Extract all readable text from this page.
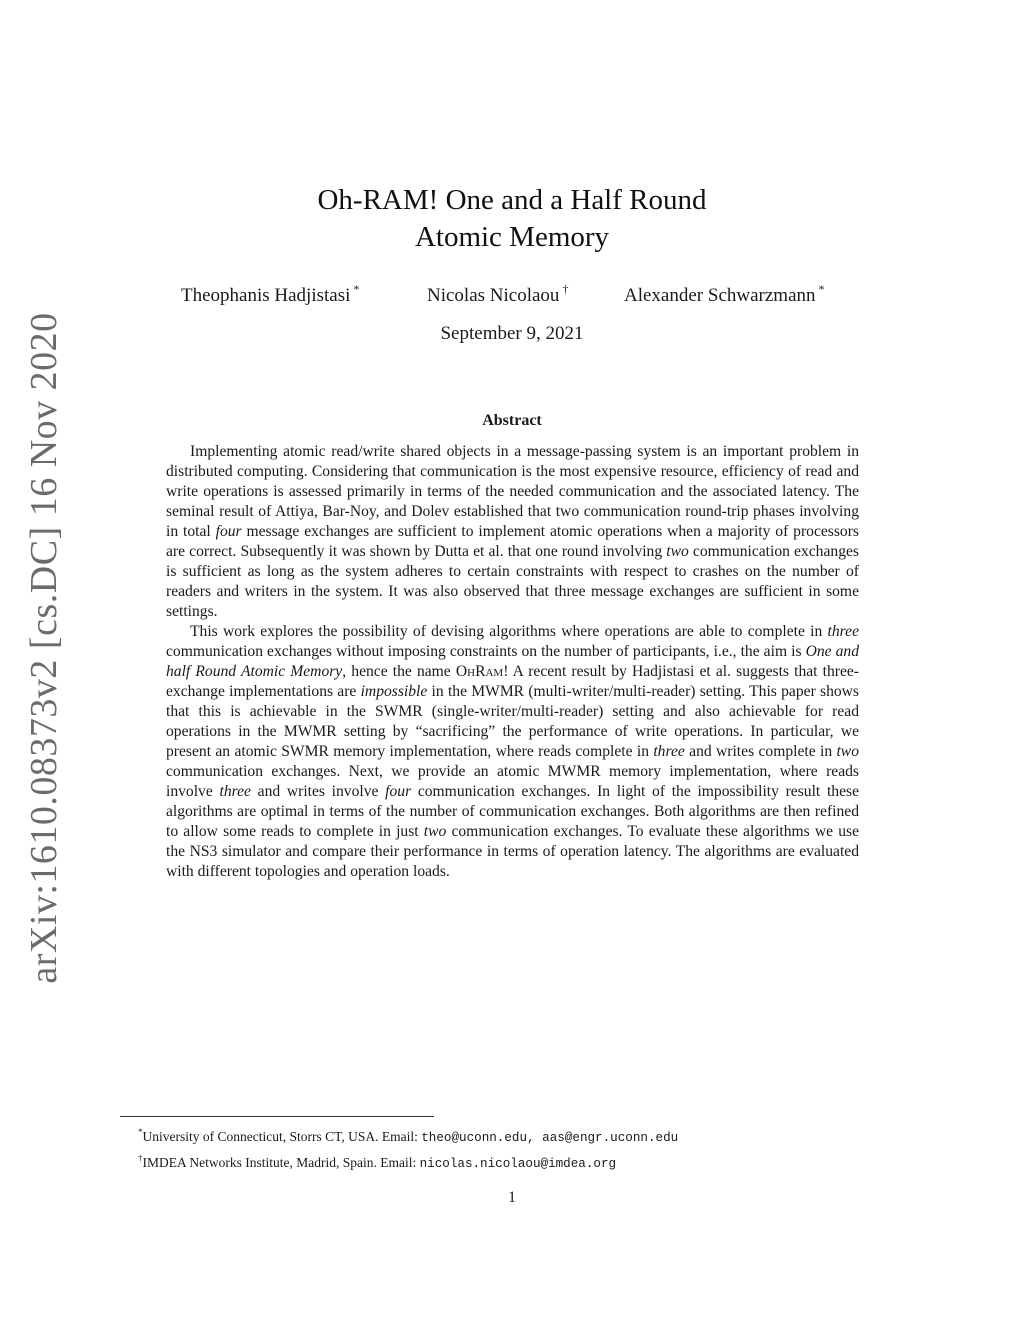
arXiv:1610.08373v2 [cs.DC] 16 Nov 2020
Oh-RAM! One and a Half Round
Atomic Memory
Theophanis Hadjistasi *	Nicolas Nicolaou †	Alexander Schwarzmann *
September 9, 2021
Abstract

Implementing atomic read/write shared objects in a message-passing system is an important problem in distributed computing. Considering that communication is the most expensive resource, efficiency of read and write operations is assessed primarily in terms of the needed communication and the associated latency. The seminal result of Attiya, Bar-Noy, and Dolev established that two communication round-trip phases involving in total four message exchanges are sufficient to implement atomic operations when a majority of processors are correct. Subsequently it was shown by Dutta et al. that one round involving two communication exchanges is sufficient as long as the system adheres to certain constraints with respect to crashes on the number of readers and writers in the system. It was also observed that three message exchanges are sufficient in some settings.

This work explores the possibility of devising algorithms where operations are able to complete in three communication exchanges without imposing constraints on the number of participants, i.e., the aim is One and half Round Atomic Memory, hence the name OhRam! A recent result by Hadjistasi et al. suggests that three-exchange implementations are impossible in the MWMR (multi-writer/multi-reader) setting. This paper shows that this is achievable in the SWMR (single-writer/multi-reader) setting and also achievable for read operations in the MWMR setting by “sacrificing” the performance of write operations. In particular, we present an atomic SWMR memory implementation, where reads complete in three and writes complete in two communication exchanges. Next, we provide an atomic MWMR memory implementation, where reads involve three and writes involve four communication exchanges. In light of the impossibility result these algorithms are optimal in terms of the number of communication exchanges. Both algorithms are then refined to allow some reads to complete in just two communication exchanges. To evaluate these algorithms we use the NS3 simulator and compare their performance in terms of operation latency. The algorithms are evaluated with different topologies and operation loads.

*University of Connecticut, Storrs CT, USA. Email: theo@uconn.edu, aas@engr.uconn.edu
†IMDEA Networks Institute, Madrid, Spain. Email: nicolas.nicolaou@imdea.org
1
